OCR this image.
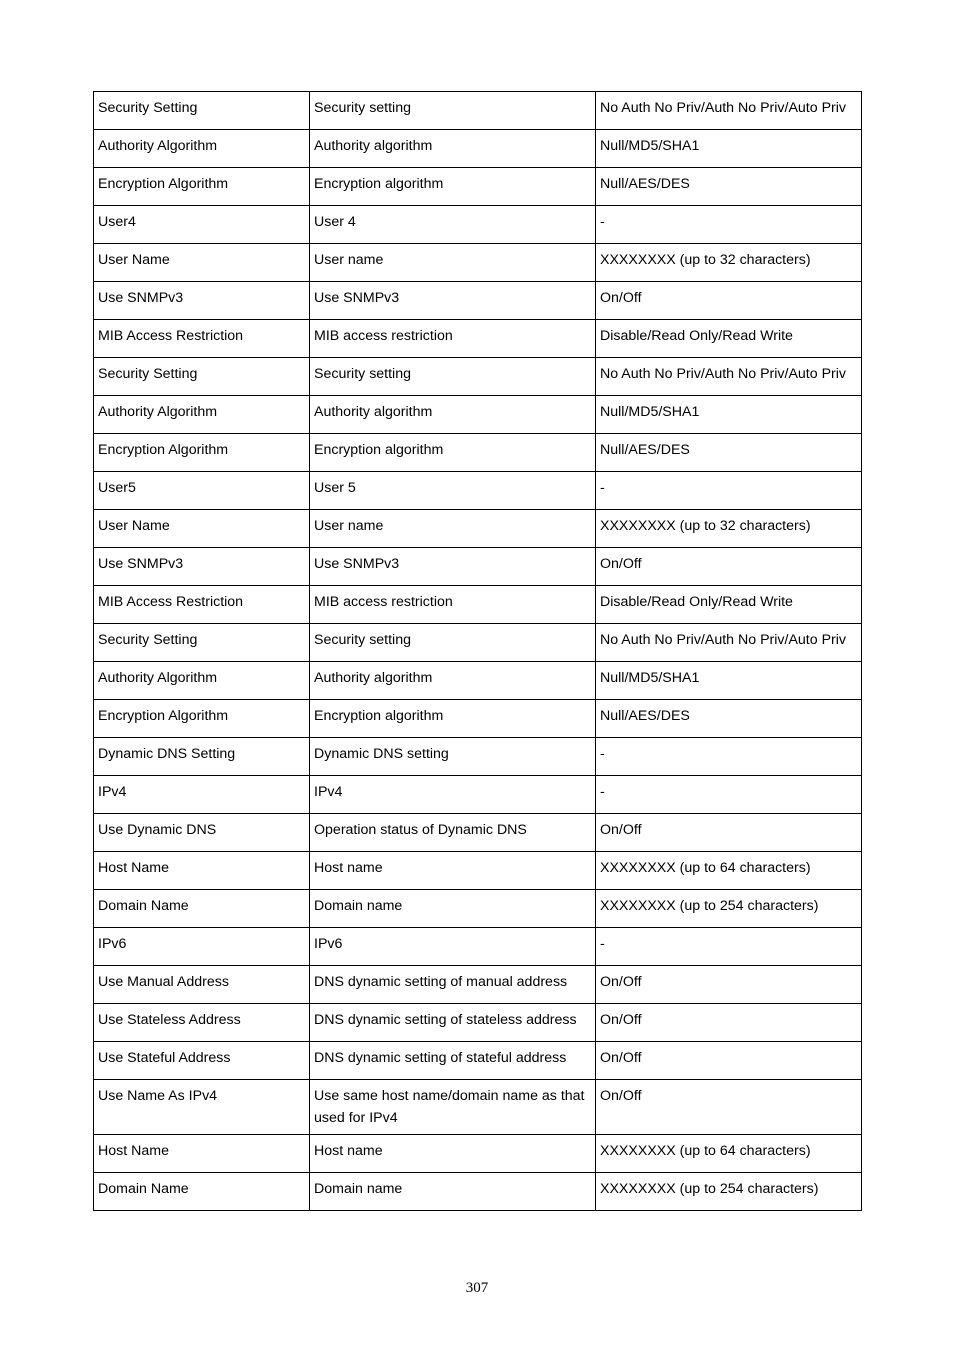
Security Setting	Security setting	No Auth No Priv/Auth No Priv/Auto Priv
Authority Algorithm	Authority algorithm	Null/MD5/SHA1
Encryption Algorithm	Encryption algorithm	Null/AES/DES
User4	User 4	-
User Name	User name	XXXXXXXX (up to 32 characters)
Use SNMPv3	Use SNMPv3	On/Off
MIB Access Restriction	MIB access restriction	Disable/Read Only/Read Write
Security Setting	Security setting	No Auth No Priv/Auth No Priv/Auto Priv
Authority Algorithm	Authority algorithm	Null/MD5/SHA1
Encryption Algorithm	Encryption algorithm	Null/AES/DES
User5	User 5	-
User Name	User name	XXXXXXXX (up to 32 characters)
Use SNMPv3	Use SNMPv3	On/Off
MIB Access Restriction	MIB access restriction	Disable/Read Only/Read Write
Security Setting	Security setting	No Auth No Priv/Auth No Priv/Auto Priv
Authority Algorithm	Authority algorithm	Null/MD5/SHA1
Encryption Algorithm	Encryption algorithm	Null/AES/DES
Dynamic DNS Setting	Dynamic DNS setting	-
IPv4	IPv4	-
Use Dynamic DNS	Operation status of Dynamic DNS	On/Off
Host Name	Host name	XXXXXXXX (up to 64 characters)
Domain Name	Domain name	XXXXXXXX (up to 254 characters)
IPv6	IPv6	-
Use Manual Address	DNS dynamic setting of manual address	On/Off
Use Stateless Address	DNS dynamic setting of stateless address	On/Off
Use Stateful Address	DNS dynamic setting of stateful address	On/Off
Use Name As IPv4	Use same host name/domain name as that used for IPv4	On/Off
Host Name	Host name	XXXXXXXX (up to 64 characters)
Domain Name	Domain name	XXXXXXXX (up to 254 characters)
307
